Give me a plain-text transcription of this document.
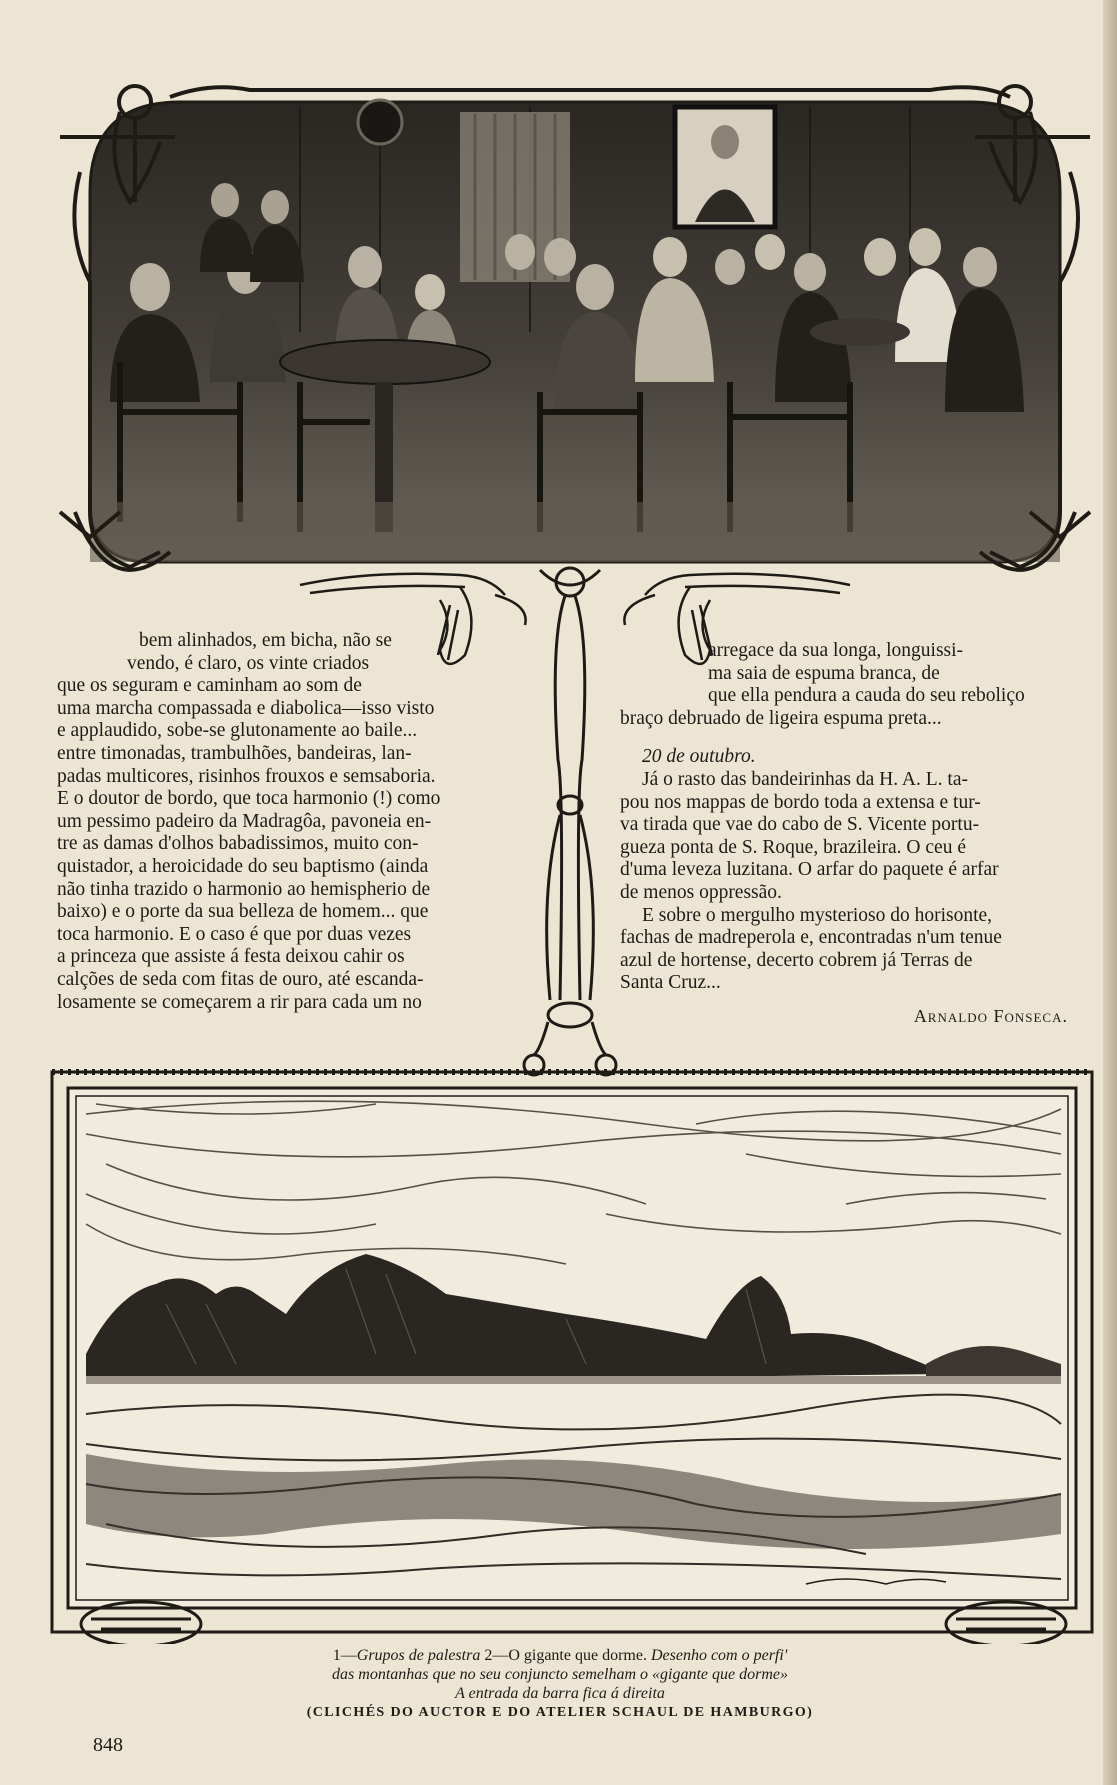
bem alinhados, em bicha, não se

vendo, é claro, os vinte criados

que os seguram e caminham ao som de

uma marcha compassada e diabolica—isso visto

e applaudido, sobe-se glutonamente ao baile...

entre timonadas, trambulhões, bandeiras, lan-

padas multicores, risinhos frouxos e semsaboria.

E o doutor de bordo, que toca harmonio (!) como

um pessimo padeiro da Madragôa, pavoneia en-

tre as damas d'olhos babadissimos, muito con-

quistador, a heroicidade do seu baptismo (ainda

não tinha trazido o harmonio ao hemispherio de

baixo) e o porte da sua belleza de homem... que

toca harmonio. E o caso é que por duas vezes

a princeza que assiste á festa deixou cahir os

calções de seda com fitas de ouro, até escanda-

losamente se começarem a rir para cada um no

arregace da sua longa, longuissi-

ma saia de espuma branca, de

que ella pendura a cauda do seu reboliço

braço debruado de ligeira espuma preta...

20 de outubro.

Já o rasto das bandeirinhas da H. A. L. ta-

pou nos mappas de bordo toda a extensa e tur-

va tirada que vae do cabo de S. Vicente portu-

gueza ponta de S. Roque, brazileira. O ceu é

d'uma leveza luzitana. O arfar do paquete é arfar

de menos oppressão.

E sobre o mergulho mysterioso do horisonte,

fachas de madreperola e, encontradas n'um tenue

azul de hortense, decerto cobrem já Terras de

Santa Cruz...

Arnaldo Fonseca.

1—Grupos de palestra 2—O gigante que dorme. Desenho com o perfi'
das montanhas que no seu conjuncto semelham o «gigante que dorme»
A entrada da barra fica á direita
(CLICHÉS DO AUCTOR E DO ATELIER SCHAUL DE HAMBURGO)
848
